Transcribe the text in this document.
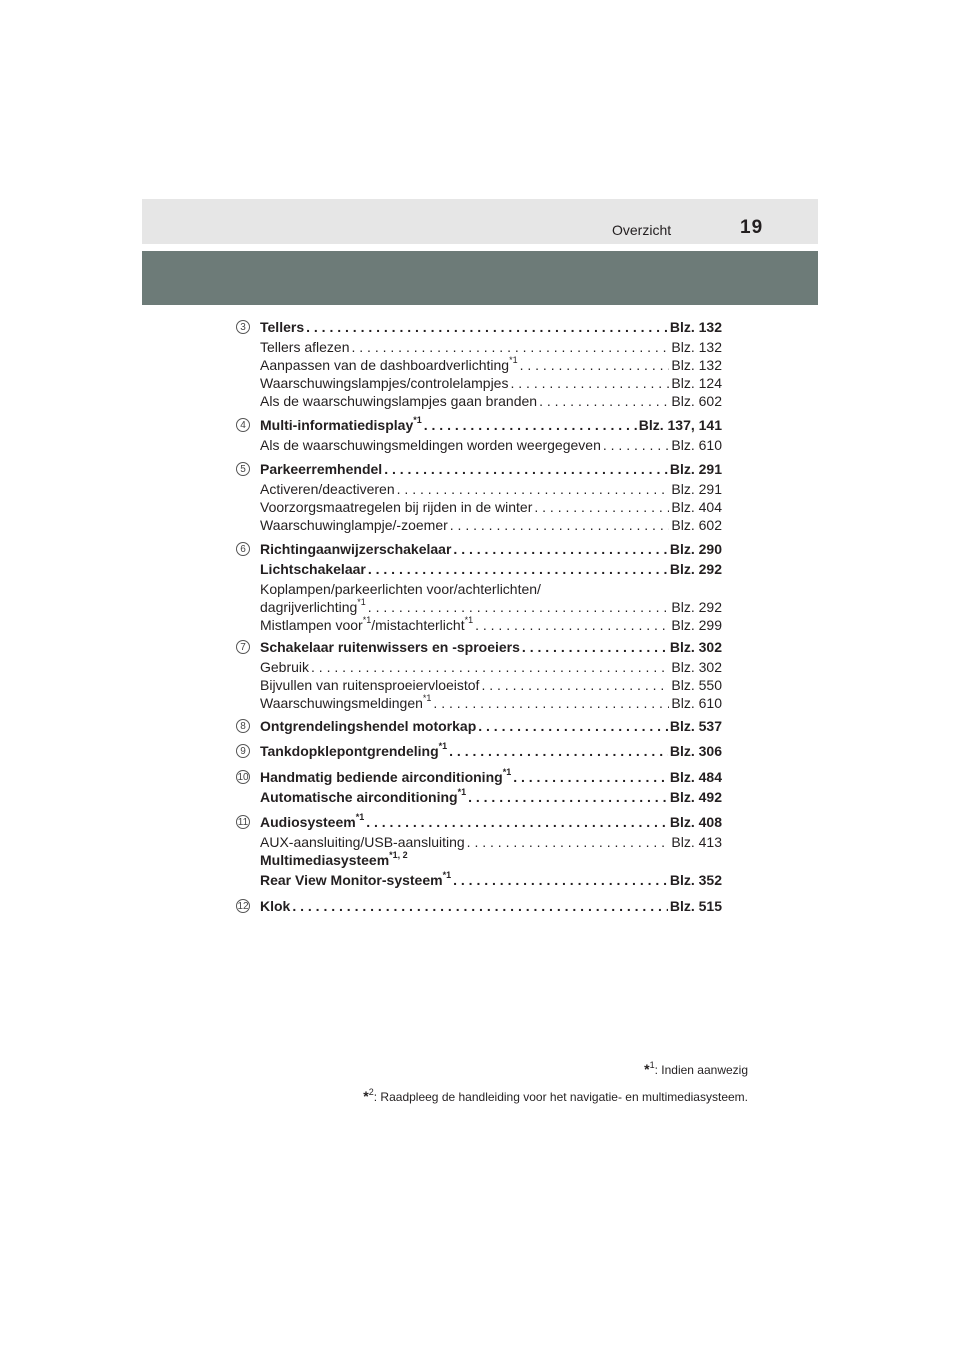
Overzicht	19
3	Tellers . . .	Blz. 132
Tellers aflezen . . .	Blz. 132
Aanpassen van de dashboardverlichting$^{*1}$ . . .	Blz. 132
Waarschuwingslampjes/controlelampjes . . .	Blz. 124
Als de waarschuwingslampjes gaan branden . . .	Blz. 602
4	Multi-informatiedisplay$^{*1}$ . . .	Blz. 137, 141
Als de waarschuwingsmeldingen worden weergegeven . . .	Blz. 610
5	Parkeerremhendel . . .	Blz. 291
Activeren/deactiveren . . .	Blz. 291
Voorzorgsmaatregelen bij rijden in de winter . . .	Blz. 404
Waarschuwinglampje/-zoemer . . .	Blz. 602
6	Richtingaanwijzerschakelaar . . .	Blz. 290
Lichtschakelaar . . .	Blz. 292
Koplampen/parkeerlichten voor/achterlichten/
dagrijverlichting$^{*1}$ . . .	Blz. 292
Mistlampen voor$^{*1}$/mistachterlicht$^{*1}$ . . .	Blz. 299
7	Schakelaar ruitenwissers en -sproeiers . . .	Blz. 302
Gebruik . . .	Blz. 302
Bijvullen van ruitensproeiervloeistof . . .	Blz. 550
Waarschuwingsmeldingen$^{*1}$ . . .	Blz. 610
8	Ontgrendelingshendel motorkap . . .	Blz. 537
9	Tankdopklepontgrendeling$^{*1}$ . . .	Blz. 306
10 Handmatig bediende airconditioning$^{*1}$ . . .	Blz. 484
Automatische airconditioning$^{*1}$ . . .	Blz. 492
11 Audiosysteem$^{*1}$ . . .	Blz. 408
AUX-aansluiting/USB-aansluiting . . .	Blz. 413
Multimediasysteem$^{*1, 2}$
Rear View Monitor-systeem$^{*1}$ . . .	Blz. 352
12 Klok . . .	Blz. 515
*$^1$: Indien aanwezig
*$^2$: Raadpleeg de handleiding voor het navigatie- en multimediasysteem.
